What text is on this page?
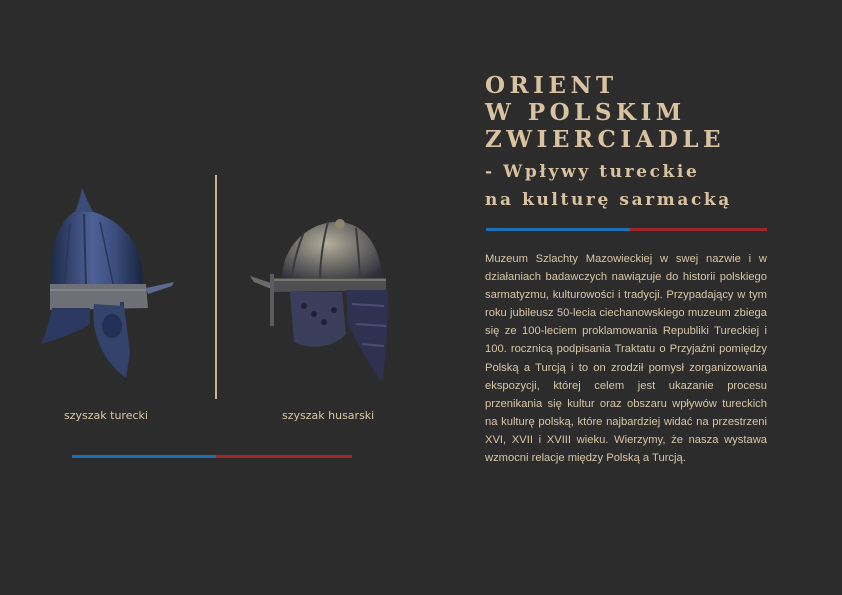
szyszak turecki	szyszak husarski
ORIENT
W POLSKIM
ZWIERCIADLE
- Wpływy tureckie
na kulturę sarmacką
Muzeum Szlachty Mazowieckiej w swej nazwie i w działaniach badawczych nawiązuje do historii polskiego sarmatyzmu, kulturowości i tradycji. Przypadający w tym roku jubileusz 50-lecia ciechanowskiego muzeum zbiega się ze 100-leciem proklamowania Republiki Tureckiej i 100. rocznicą podpisania Traktatu o Przyjaźni pomiędzy Polską a Turcją i to on zrodził pomysł zorganizowania ekspozycji, której celem jest ukazanie procesu przenikania się kultur oraz obszaru wpływów tureckich na kulturę polską, które najbardziej widać na przestrzeni XVI, XVII i XVIII wieku. Wierzymy, że nasza wystawa wzmocni relacje między Polską a Turcją.
